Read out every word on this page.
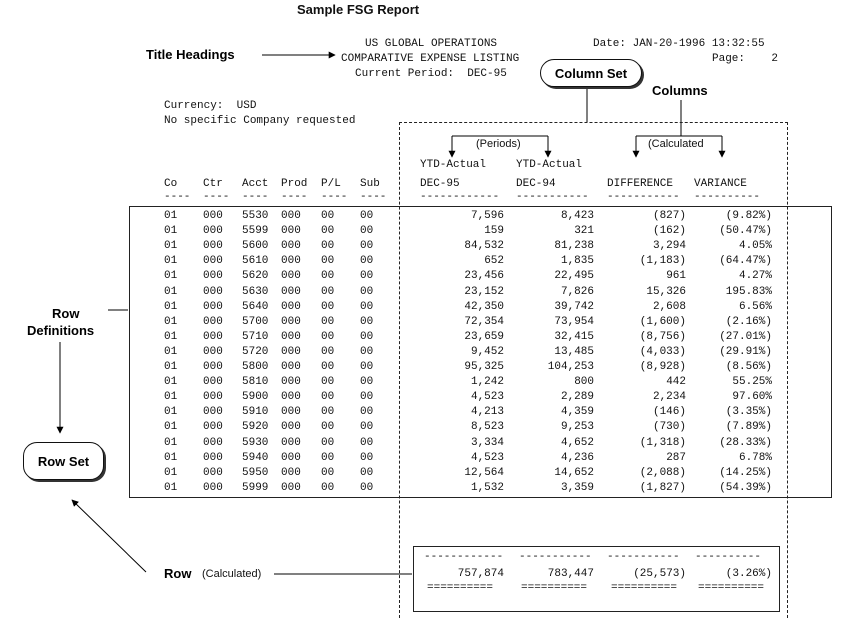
Sample FSG Report
Title Headings
Column Set
Columns
(Periods)	(Calculated
Row
Definitions
Row Set
Row (Calculated)
US GLOBAL OPERATIONS
COMPARATIVE EXPENSE LISTING
Current Period:  DEC-95
Date: JAN-20-1996 13:32:55
Page:    2
Currency:  USD
No specific Company requested
YTD-Actual	YTD-Actual
Co Ctr Acct Prod P/L Sub	DEC-95	DEC-94	DIFFERENCE VARIANCE
---- ---- ---- ---- ---- ----	------------ ----------- ----------- ----------
01 000 5530 000 00 00	7,596	8,423	(827)	(9.82%)
01 000 5599 000 00 00	159	321	(162)	(50.47%)
01 000 5600 000 00 00	84,532	81,238	3,294	4.05%
01 000 5610 000 00 00	652	1,835	(1,183)	(64.47%)
01 000 5620 000 00 00	23,456	22,495	961	4.27%
01 000 5630 000 00 00	23,152	7,826	15,326	195.83%
01 000 5640 000 00 00	42,350	39,742	2,608	6.56%
01 000 5700 000 00 00	72,354	73,954	(1,600)	(2.16%)
01 000 5710 000 00 00	23,659	32,415	(8,756)	(27.01%)
01 000 5720 000 00 00	9,452	13,485	(4,033)	(29.91%)
01 000 5800 000 00 00	95,325	104,253	(8,928)	(8.56%)
01 000 5810 000 00 00	1,242	800	442	55.25%
01 000 5900 000 00 00	4,523	2,289	2,234	97.60%
01 000 5910 000 00 00	4,213	4,359	(146)	(3.35%)
01 000 5920 000 00 00	8,523	9,253	(730)	(7.89%)
01 000 5930 000 00 00	3,334	4,652	(1,318)	(28.33%)
01 000 5940 000 00 00	4,523	4,236	287	6.78%
01 000 5950 000 00 00	12,564	14,652	(2,088)	(14.25%)
01 000 5999 000 00 00	1,532	3,359	(1,827)	(54.39%)
------------ ----------- ----------- ----------
757,874	783,447	(25,573)	(3.26%)
==========	========== ========== ==========
